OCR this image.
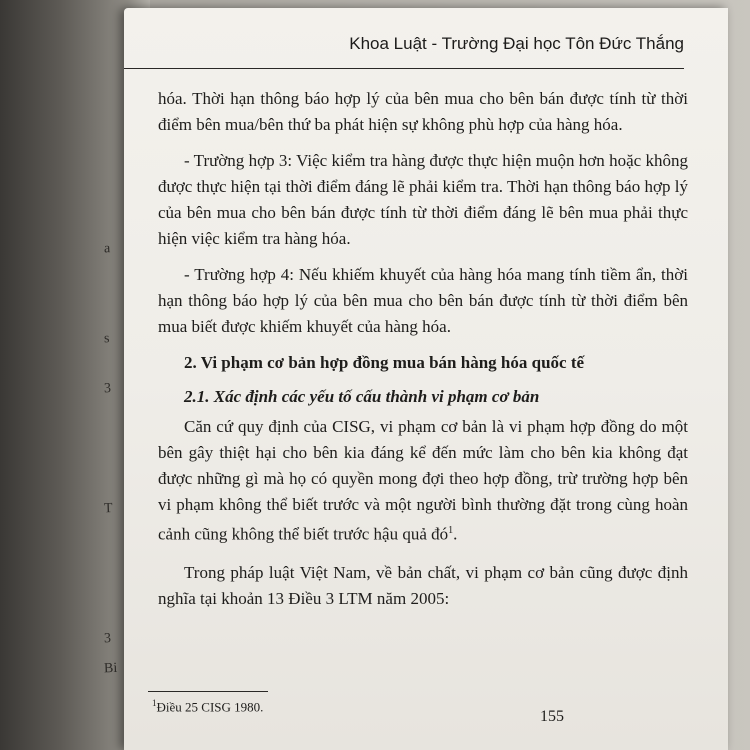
a
s
3
T
3
Bi
Khoa Luật - Trường Đại học Tôn Đức Thắng

hóa. Thời hạn thông báo hợp lý của bên mua cho bên bán được tính từ thời điểm bên mua/bên thứ ba phát hiện sự không phù hợp của hàng hóa.

- Trường hợp 3: Việc kiểm tra hàng được thực hiện muộn hơn hoặc không được thực hiện tại thời điểm đáng lẽ phải kiểm tra. Thời hạn thông báo hợp lý của bên mua cho bên bán được tính từ thời điểm đáng lẽ bên mua phải thực hiện việc kiểm tra hàng hóa.

- Trường hợp 4: Nếu khiếm khuyết của hàng hóa mang tính tiềm ẩn, thời hạn thông báo hợp lý của bên mua cho bên bán được tính từ thời điểm bên mua biết được khiếm khuyết của hàng hóa.

2. Vi phạm cơ bản hợp đồng mua bán hàng hóa quốc tế

2.1. Xác định các yếu tố cấu thành vi phạm cơ bản

Căn cứ quy định của CISG, vi phạm cơ bản là vi phạm hợp đồng do một bên gây thiệt hại cho bên kia đáng kể đến mức làm cho bên kia không đạt được những gì mà họ có quyền mong đợi theo hợp đồng, trừ trường hợp bên vi phạm không thể biết trước và một người bình thường đặt trong cùng hoàn cảnh cũng không thể biết trước hậu quả $đó^1$.

Trong pháp luật Việt Nam, về bản chất, vi phạm cơ bản cũng được định nghĩa tại khoản 13 Điều 3 LTM năm 2005:

$^1$Điều 25 CISG 1980.
155
